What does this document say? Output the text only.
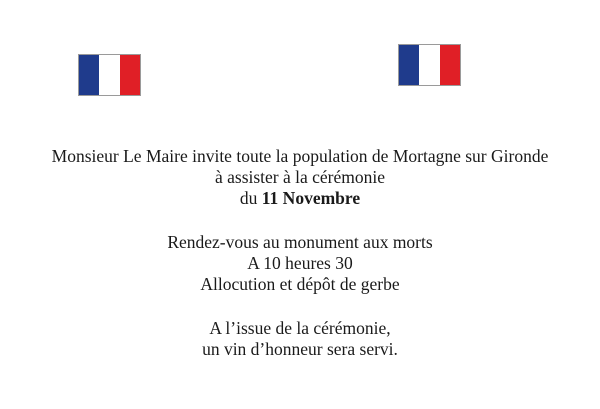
Monsieur Le Maire invite toute la population de Mortagne sur Gironde
à assister à la cérémonie
du 11 Novembre
Rendez-vous au monument aux morts
A 10 heures 30
Allocution et dépôt de gerbe
A l’issue de la cérémonie,
un vin d’honneur sera servi.
